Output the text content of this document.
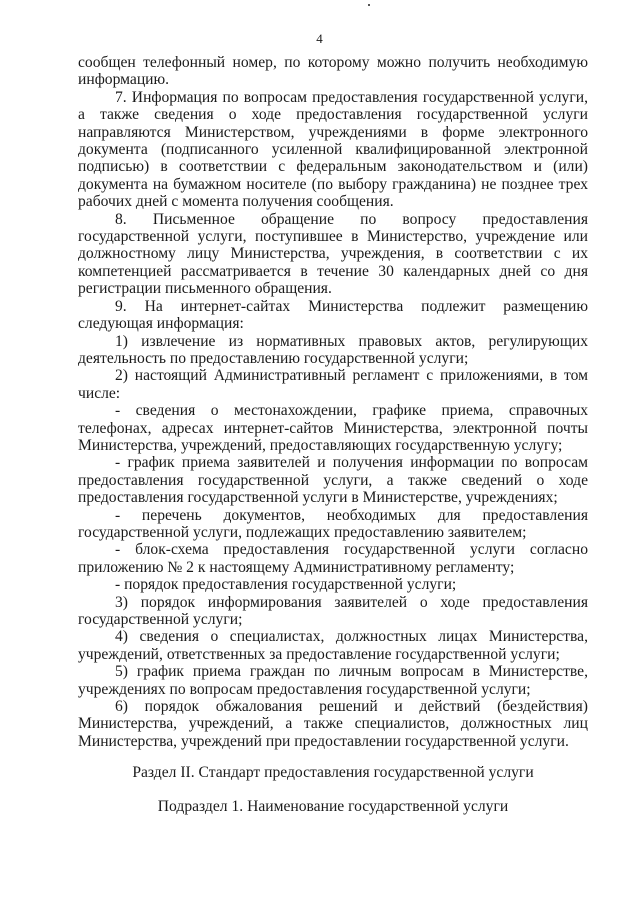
4

сообщен телефонный номер, по которому можно получить необходимую информацию.

7. Информация по вопросам предоставления государственной услуги, а также сведения о ходе предоставления государственной услуги направляются Министерством, учреждениями в форме электронного документа (подписанного усиленной квалифицированной электронной подписью) в соответствии с федеральным законодательством и (или) документа на бумажном носителе (по выбору гражданина) не позднее трех рабочих дней с момента получения сообщения.

8. Письменное обращение по вопросу предоставления государственной услуги, поступившее в Министерство, учреждение или должностному лицу Министерства, учреждения, в соответствии с их компетенцией рассматривается в течение 30 календарных дней со дня регистрации письменного обращения.

9. На интернет-сайтах Министерства подлежит размещению следующая информация:

1) извлечение из нормативных правовых актов, регулирующих деятельность по предоставлению государственной услуги;

2) настоящий Административный регламент с приложениями, в том числе:

- сведения о местонахождении, графике приема, справочных телефонах, адресах интернет-сайтов Министерства, электронной почты Министерства, учреждений, предоставляющих государственную услугу;

- график приема заявителей и получения информации по вопросам предоставления государственной услуги, а также сведений о ходе предоставления государственной услуги в Министерстве, учреждениях;

- перечень документов, необходимых для предоставления государственной услуги, подлежащих предоставлению заявителем;

- блок-схема предоставления государственной услуги согласно приложению № 2 к настоящему Административному регламенту;

- порядок предоставления государственной услуги;

3) порядок информирования заявителей о ходе предоставления государственной услуги;

4) сведения о специалистах, должностных лицах Министерства, учреждений, ответственных за предоставление государственной услуги;

5) график приема граждан по личным вопросам в Министерстве, учреждениях по вопросам предоставления государственной услуги;

6) порядок обжалования решений и действий (бездействия) Министерства, учреждений, а также специалистов, должностных лиц Министерства, учреждений при предоставлении государственной услуги.

Раздел II. Стандарт предоставления государственной услуги

Подраздел 1. Наименование государственной услуги
